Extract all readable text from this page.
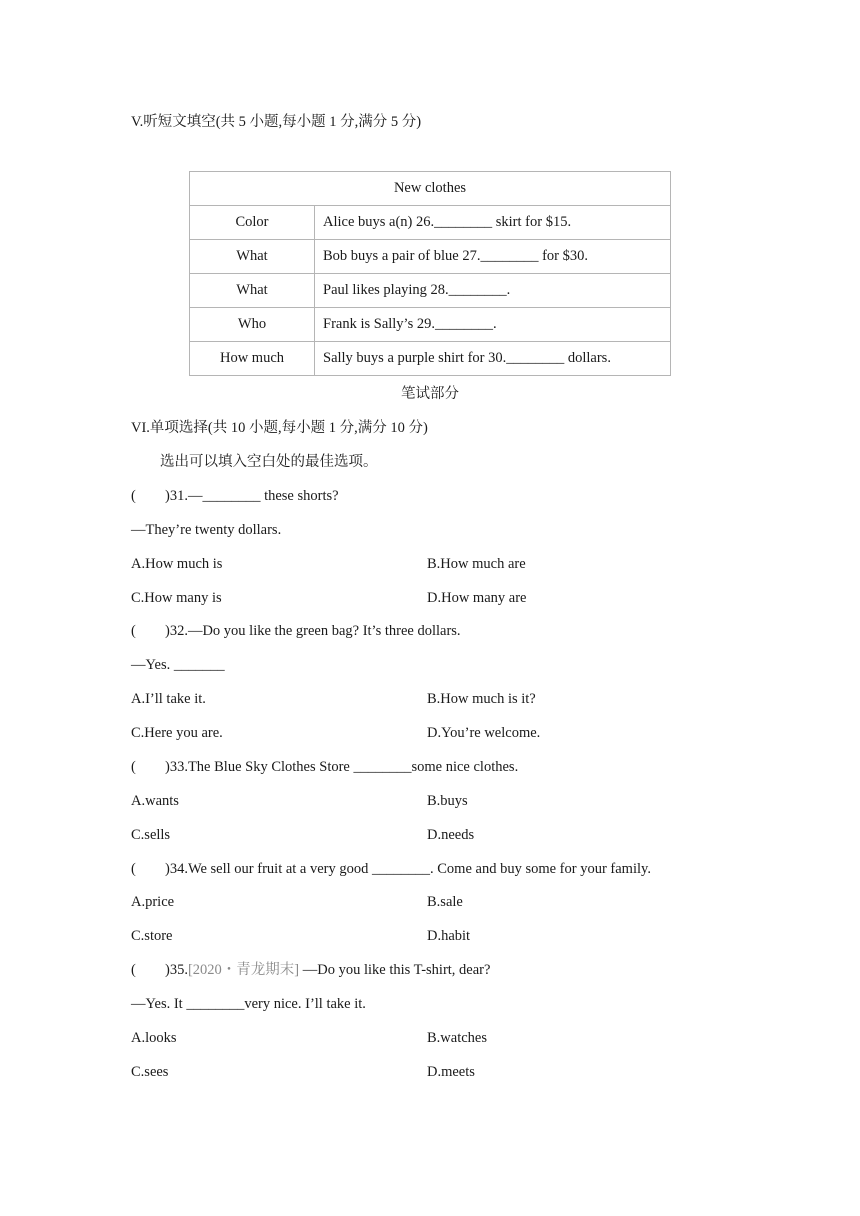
V.听短文填空(共 5 小题,每小题 1 分,满分 5 分)
New clothes	
Color	Alice buys a(n) 26.________ skirt for $15.
What	Bob buys a pair of blue 27.________ for $30.
What	Paul likes playing 28.________.
Who	Frank is Sally’s 29.________.
How much	Sally buys a purple shirt for 30.________ dollars.
笔试部分
VI.单项选择(共 10 小题,每小题 1 分,满分 10 分)
选出可以填入空白处的最佳选项。
( )31.—________ these shorts?
—They’re twenty dollars.
A.How much is	B.How much are
C.How many is	D.How many are
( )32.—Do you like the green bag? It’s three dollars.
—Yes. _______
A.I’ll take it.	B.How much is it?
C.Here you are.	D.You’re welcome.
( )33.The Blue Sky Clothes Store ________some nice clothes.
A.wants	B.buys
C.sells	D.needs
( )34.We sell our fruit at a very good ________. Come and buy some for your family.
A.price	B.sale
C.store	D.habit
( )35.[2020・青龙期末] —Do you like this T-shirt, dear?
—Yes. It ________very nice. I’ll take it.
A.looks	B.watches
C.sees	D.meets
